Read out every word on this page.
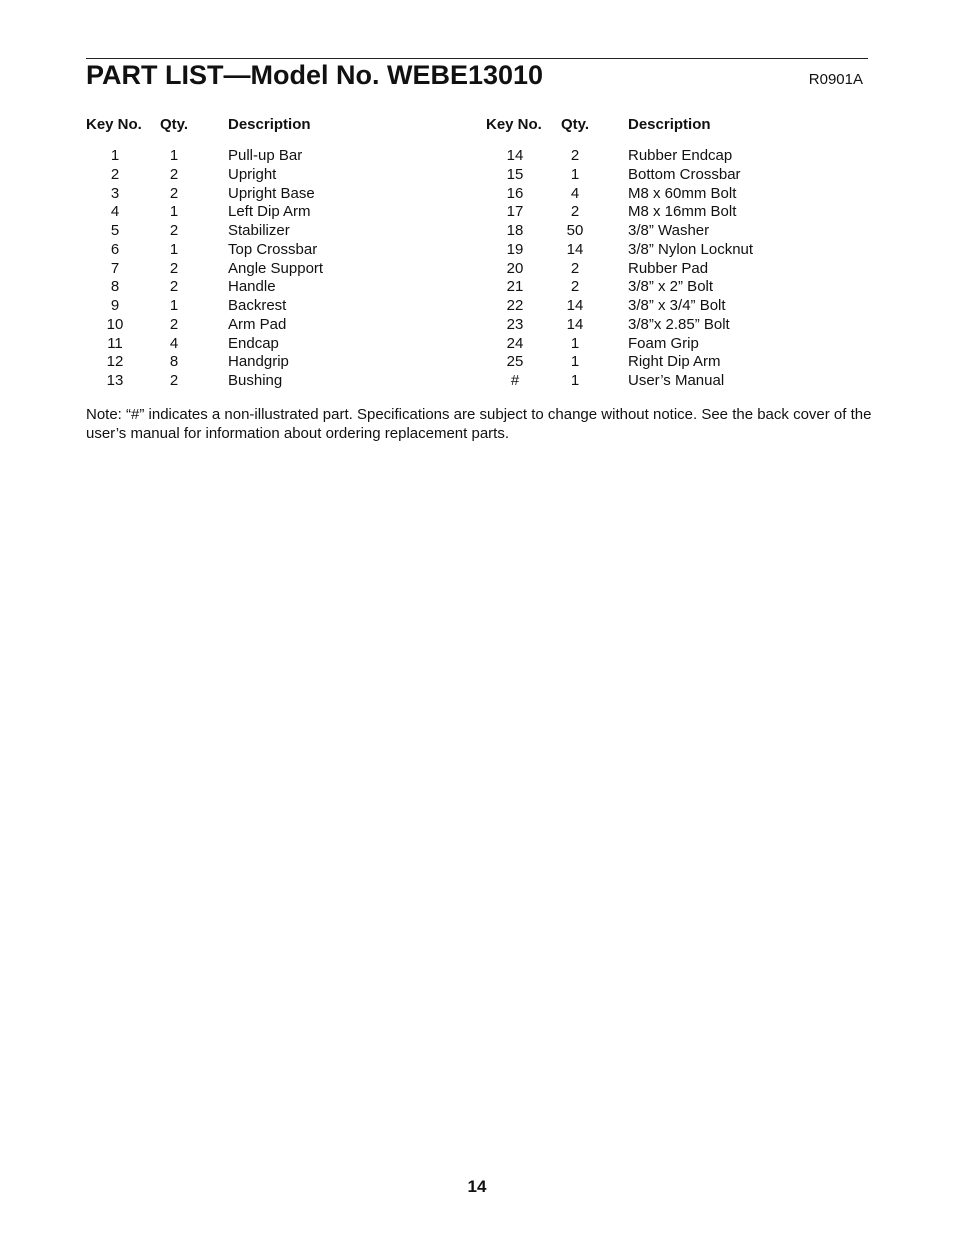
PART LIST—Model No. WEBE13010	R0901A
Key No. Qty.	Description
1	1	Pull-up Bar
2	2	Upright
3	2	Upright Base
4	1	Left Dip Arm
5	2	Stabilizer
6	1	Top Crossbar
7	2	Angle Support
8	2	Handle
9	1	Backrest
10	2	Arm Pad
11	4	Endcap
12	8	Handgrip
13	2	Bushing
Key No. Qty.	Description
14	2	Rubber Endcap
15	1	Bottom Crossbar
16	4	M8 x 60mm Bolt
17	2	M8 x 16mm Bolt
18	50	3/8” Washer
19	14	3/8” Nylon Locknut
20	2	Rubber Pad
21	2	3/8” x 2” Bolt
22	14	3/8” x 3/4” Bolt
23	14	3/8”x 2.85” Bolt
24	1	Foam Grip
25	1	Right Dip Arm
#	1	User’s Manual
Note: “#” indicates a non-illustrated part. Specifications are subject to change without notice. See the back cover of the user’s manual for information about ordering replacement parts.
14
